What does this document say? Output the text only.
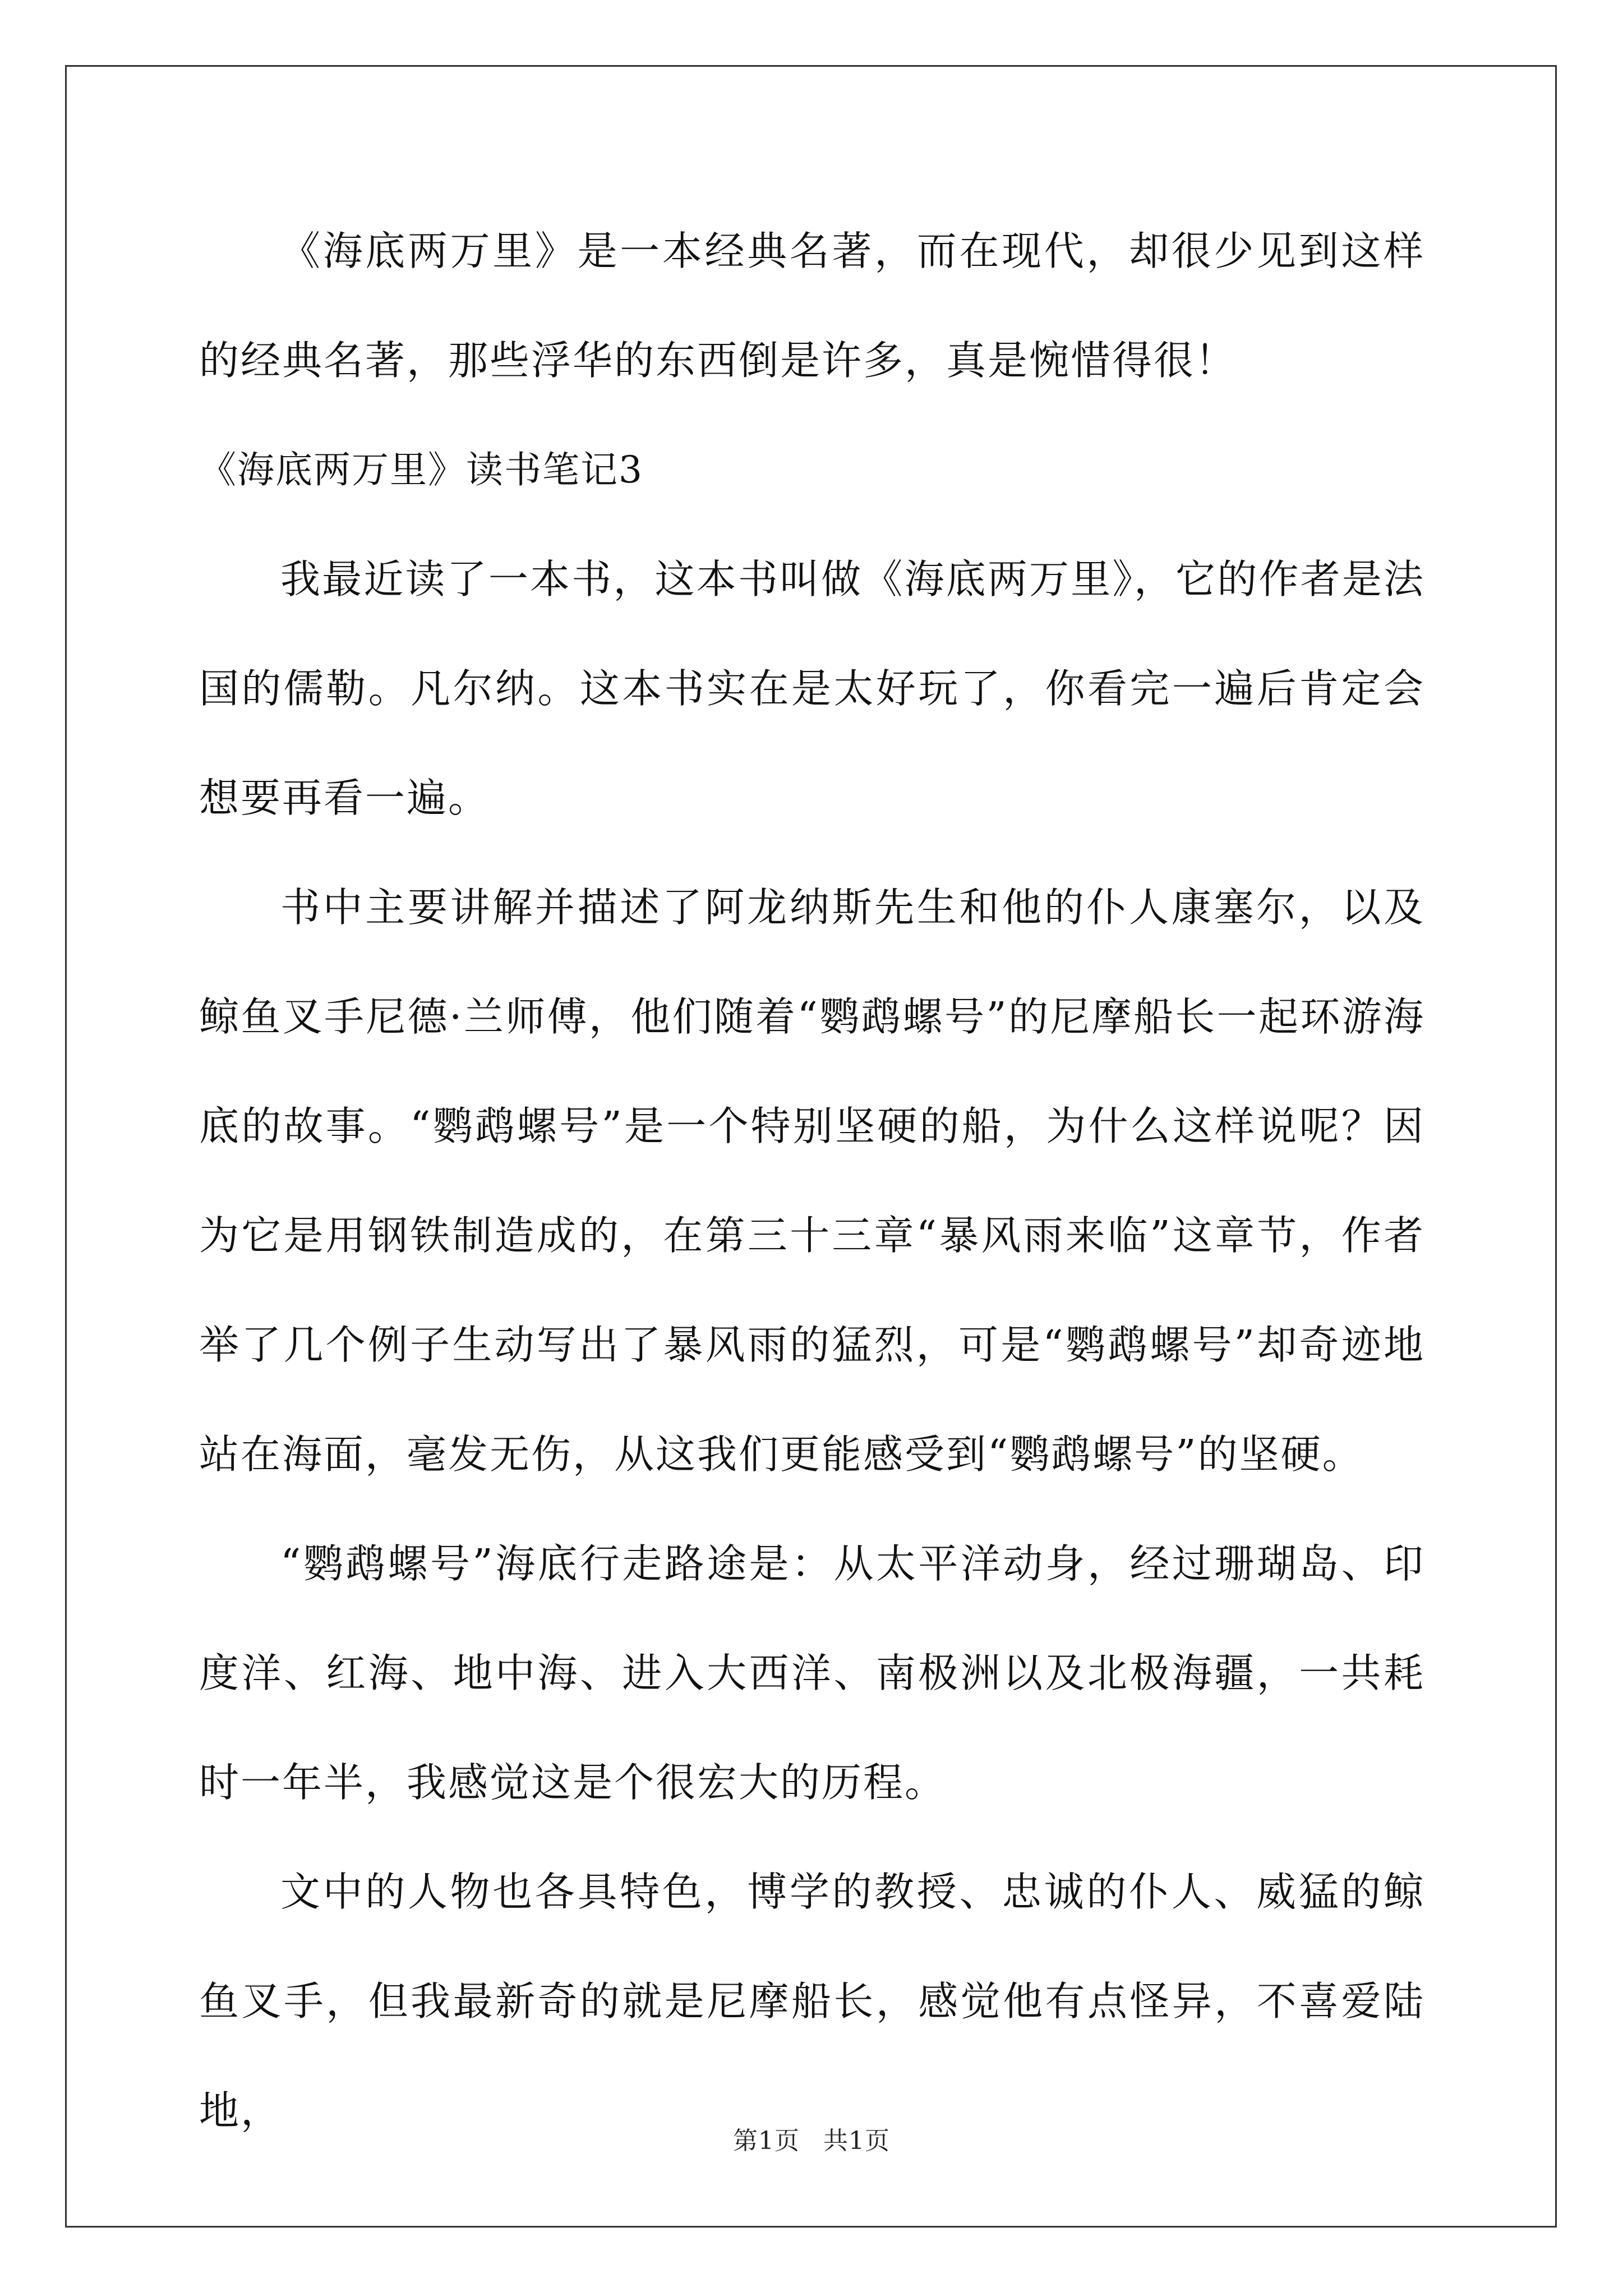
《海底两万里》是一本经典名著，而在现代，却很少见到这样的经典名著，那些浮华的东西倒是许多，真是惋惜得很！

《海底两万里》读书笔记3

我最近读了一本书，这本书叫做《海底两万里》，它的作者是法国的儒勒。凡尔纳。这本书实在是太好玩了，你看完一遍后肯定会想要再看一遍。

书中主要讲解并描述了阿龙纳斯先生和他的仆人康塞尔，以及鲸鱼叉手尼德·兰师傅，他们随着“鹦鹉螺号”的尼摩船长一起环游海底的故事。“鹦鹉螺号”是一个特别坚硬的船，为什么这样说呢？因为它是用钢铁制造成的，在第三十三章“暴风雨来临”这章节，作者举了几个例子生动写出了暴风雨的猛烈，可是“鹦鹉螺号”却奇迹地站在海面，毫发无伤，从这我们更能感受到“鹦鹉螺号”的坚硬。

“鹦鹉螺号”海底行走路途是：从太平洋动身，经过珊瑚岛、印度洋、红海、地中海、进入大西洋、南极洲以及北极海疆，一共耗时一年半，我感觉这是个很宏大的历程。

文中的人物也各具特色，博学的教授、忠诚的仆人、威猛的鲸鱼叉手，但我最新奇的就是尼摩船长，感觉他有点怪异，不喜爱陆地，

第1页 共1页
